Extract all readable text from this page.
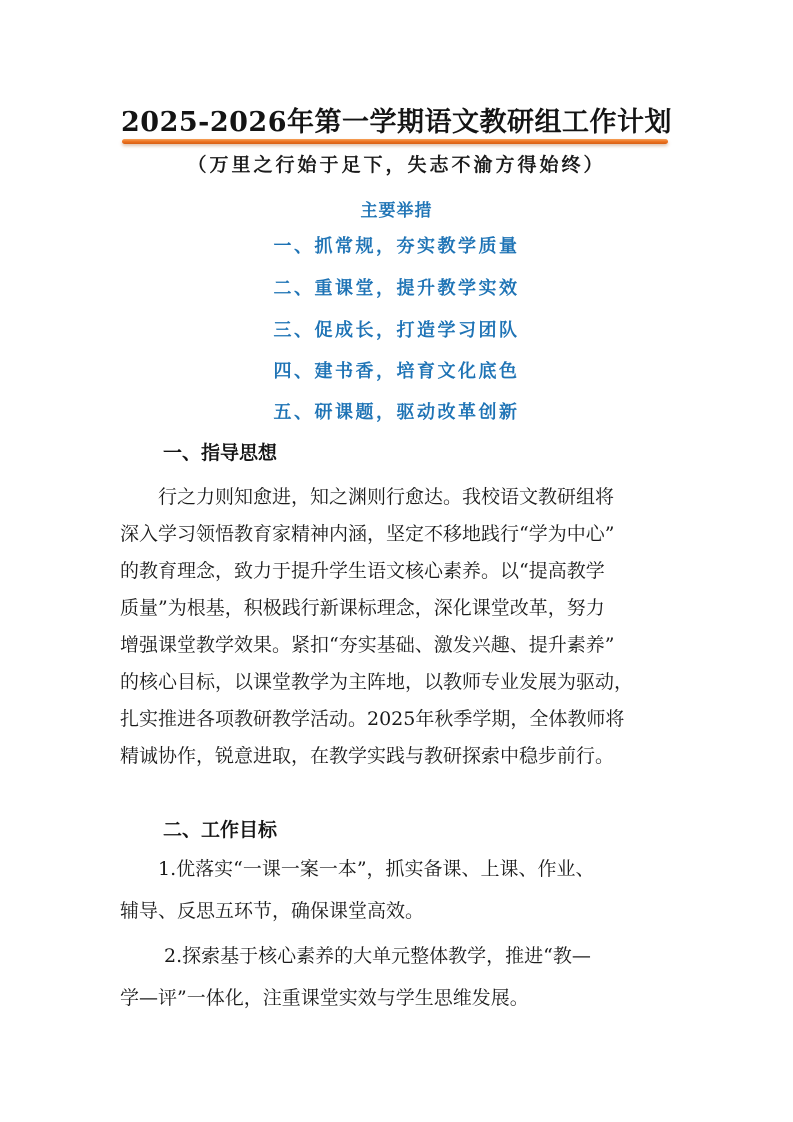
2025-2026年第一学期语文教研组工作计划
（万里之行始于足下，失志不渝方得始终）
主要举措
一、抓常规，夯实教学质量
二、重课堂，提升教学实效
三、促成长，打造学习团队
四、建书香，培育文化底色
五、研课题，驱动改革创新
一、指导思想
　　行之力则知愈进，知之渊则行愈达。我校语文教研组将
深入学习领悟教育家精神内涵，坚定不移地践行“学为中心”
的教育理念，致力于提升学生语文核心素养。以“提高教学
质量”为根基，积极践行新课标理念，深化课堂改革，努力
增强课堂教学效果。紧扣“夯实基础、激发兴趣、提升素养”
的核心目标，以课堂教学为主阵地，以教师专业发展为驱动，
扎实推进各项教研教学活动。2025年秋季学期，全体教师将
精诚协作，锐意进取，在教学实践与教研探索中稳步前行。
二、工作目标
　　1.优落实“一课一案一本”，抓实备课、上课、作业、
辅导、反思五环节，确保课堂高效。
　　 2.探索基于核心素养的大单元整体教学，推进“教—
学—评”一体化，注重课堂实效与学生思维发展。
